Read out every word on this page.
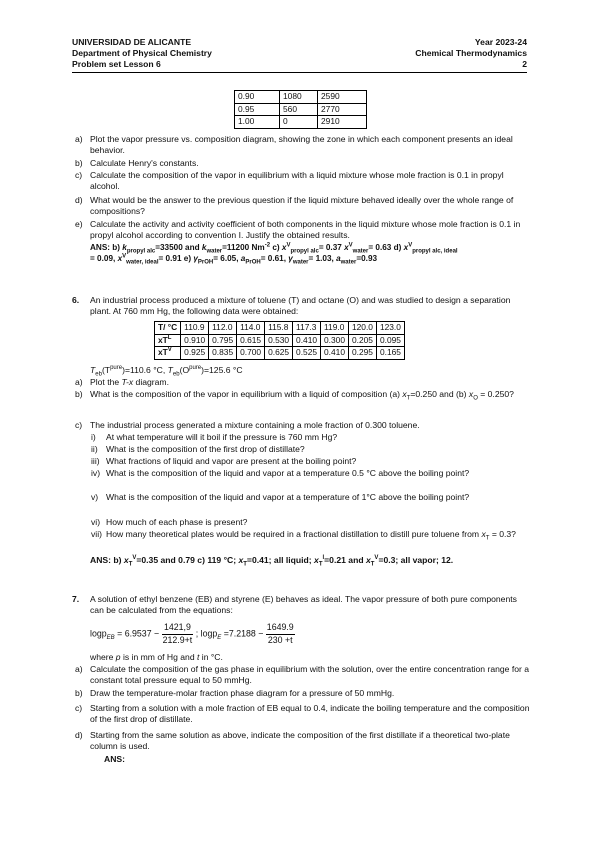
UNIVERSIDAD DE ALICANTE	Year 2023-24
Department of Physical Chemistry	Chemical Thermodynamics
Problem set Lesson 6	2
0.90	1080	2590
0.95	560	2770
1.00	0	2910
a) Plot the vapor pressure vs. composition diagram, showing the zone in which each component presents an ideal behavior.
b) Calculate Henry's constants.
c) Calculate the composition of the vapor in equilibrium with a liquid mixture whose mole fraction is 0.1 in propyl alcohol.
d) What would be the answer to the previous question if the liquid mixture behaved ideally over the whole range of compositions?
e) Calculate the activity and activity coefficient of both components in the liquid mixture whose mole fraction is 0.1 in propyl alcohol according to convention I. Justify the obtained results.
ANS: b) $k_{propyl alc}=33500$ and $k_{water}=11200$ $Nm^{-2}$ c) $x^V_{propyl alc}= 0.37$ $x^V_{water}= 0.63$ d) $x^V_{propyl alc, ideal}$
= 0.09, $x^V_{water, ideal}= 0.91$ e) $\gamma_{PrOH}= 6.05$, $a_{PrOH}= 0.61$, $\gamma_{water}= 1.03$, $a_{water}=0.93$
6. An industrial process produced a mixture of toluene (T) and octane (O) and was studied to design a separation plant. At 760 mm Hg, the following data were obtained:
T/ °C	110.9	112.0	114.0	115.8	117.3	119.0	120.0	123.0
$xT^L$	0.910	0.795	0.615	0.530	0.410	0.300	0.205	0.095
$xT^V$	0.925	0.835	0.700	0.625	0.525	0.410	0.295	0.165
$T_{eb}(T^{pure})=110.6$ °C, $T_{eb}(O^{pure})=125.6$ °C
a) Plot the T-x diagram.
b) What is the composition of the vapor in equilibrium with a liquid of composition (a) $x_T=0.250$ and (b) $x_O = 0.250$?
c) The industrial process generated a mixture containing a mole fraction of 0.300 toluene.
i) At what temperature will it boil if the pressure is 760 mm Hg?
ii) What is the composition of the first drop of distillate?
iii) What fractions of liquid and vapor are present at the boiling point?
iv) What is the composition of the liquid and vapor at a temperature 0.5 °C above the boiling point?
v) What is the composition of the liquid and vapor at a temperature of 1°C above the boiling point?
vi) How much of each phase is present?
vii) How many theoretical plates would be required in a fractional distillation to distill pure toluene from $x_T = 0.3$?
ANS: b) $x_T^V=0.35$ and 0.79 c) 119 °C; $x_T=0.41$; all liquid; $x_T^l=0.21$ and $x_T^V=0.3$; all vapor; 12.
7. A solution of ethyl benzene (EB) and styrene (E) behaves as ideal. The vapor pressure of both pure components can be calculated from the equations:
$\log p_{EB} = 6.9537 - \frac{1421,9}{212.9+t}$ ; $\log p_E =7.2188 - \frac{1649.9}{230 +t}$
where p is in mm of Hg and t in °C.
a) Calculate the composition of the gas phase in equilibrium with the solution, over the entire concentration range for a constant total pressure equal to 50 mmHg.
b) Draw the temperature-molar fraction phase diagram for a pressure of 50 mmHg.
c) Starting from a solution with a mole fraction of EB equal to 0.4, indicate the boiling temperature and the composition of the first drop of distillate.
d) Starting from the same solution as above, indicate the composition of the first distillate if a theoretical two-plate column is used.
ANS:
